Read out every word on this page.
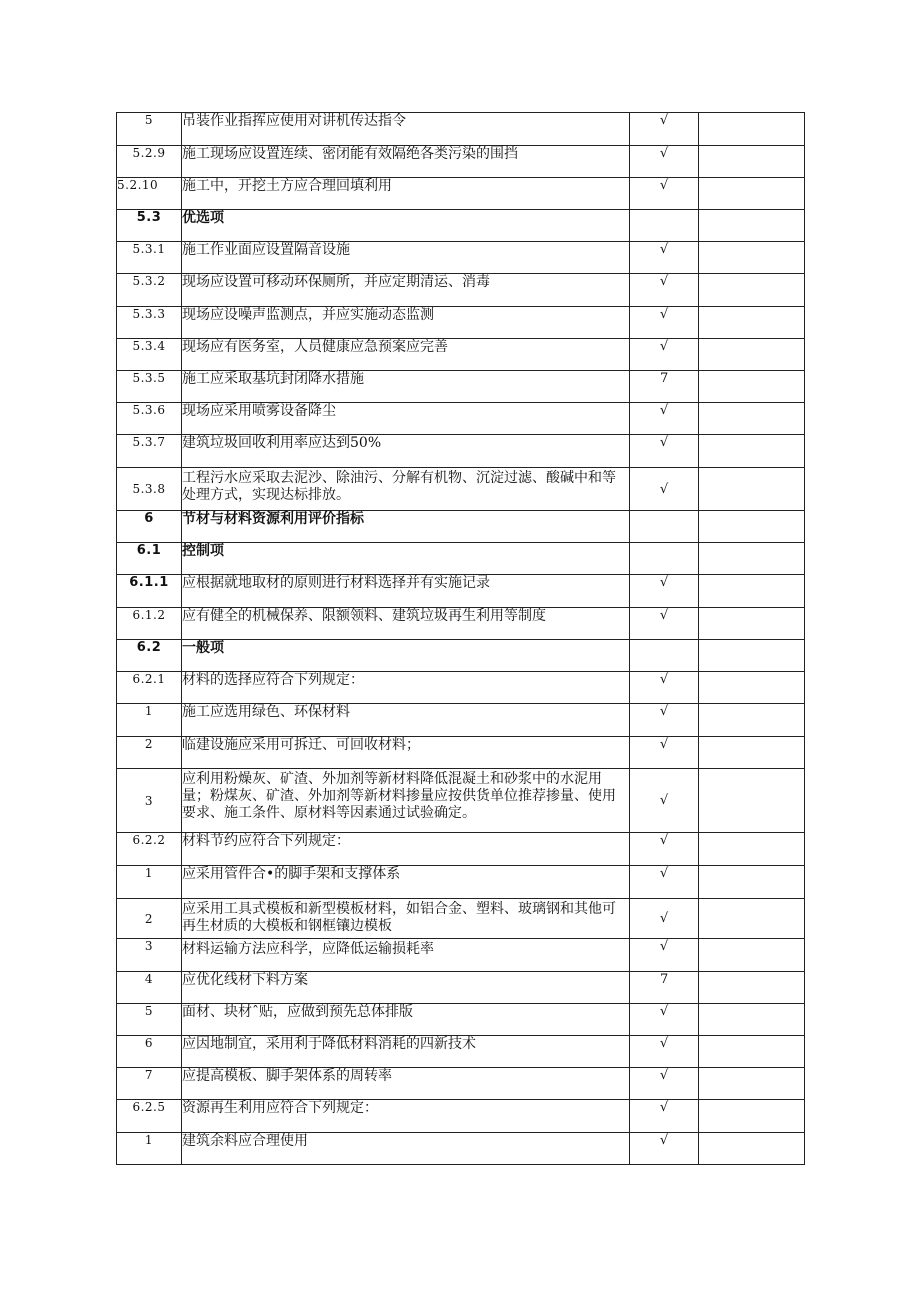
5	吊装作业指挥应使用对讲机传达指令	√	
5.2.9	施工现场应设置连续、密闭能有效隔绝各类污染的围挡	√	
5.2.10	施工中，开挖土方应合理回填利用	√	
5.3	优选项		
5.3.1	施工作业面应设置隔音设施	√	
5.3.2	现场应设置可移动环保厕所，并应定期清运、消毒	√	
5.3.3	现场应设噪声监测点，并应实施动态监测	√	
5.3.4	现场应有医务室，人员健康应急预案应完善	√	
5.3.5	施工应采取基坑封闭降水措施	7	
5.3.6	现场应采用喷雾设备降尘	√	
5.3.7	建筑垃圾回收利用率应达到50%	√	
5.3.8	工程污水应采取去泥沙、除油污、分解有机物、沉淀过滤、酸碱中和等处理方式，实现达标排放。	√	
6	节材与材料资源利用评价指标		
6.1	控制项		
6.1.1	应根据就地取材的原则进行材料选择并有实施记录	√	
6.1.2	应有健全的机械保养、限额领料、建筑垃圾再生利用等制度	√	
6.2	一般项		
6.2.1	材料的选择应符合下列规定：	√	
1	施工应选用绿色、环保材料	√	
2	临建设施应采用可拆迁、可回收材料；	√	
3	应利用粉燥灰、矿渣、外加剂等新材料降低混凝土和砂浆中的水泥用量；粉煤灰、矿渣、外加剂等新材料掺量应按供货单位推荐掺量、使用要求、施工条件、原材料等因素通过试验确定。	√	
6.2.2	材料节约应符合下列规定：	√	
1	应采用管件合•的脚手架和支撑体系	√	
2	应采用工具式模板和新型模板材料，如铝合金、塑料、玻璃钢和其他可再生材质的大模板和钢框镶边模板	√	
3	材料运输方法应科学，应降低运输损耗率	√	
4	应优化线材下料方案	7	
5	面材、块材ˆ贴，应做到预先总体排版	√	
6	应因地制宜，采用利于降低材料消耗的四新技术	√	
7	应提高模板、脚手架体系的周转率	√	
6.2.5	资源再生利用应符合下列规定：	√	
1	建筑余料应合理使用	√	
